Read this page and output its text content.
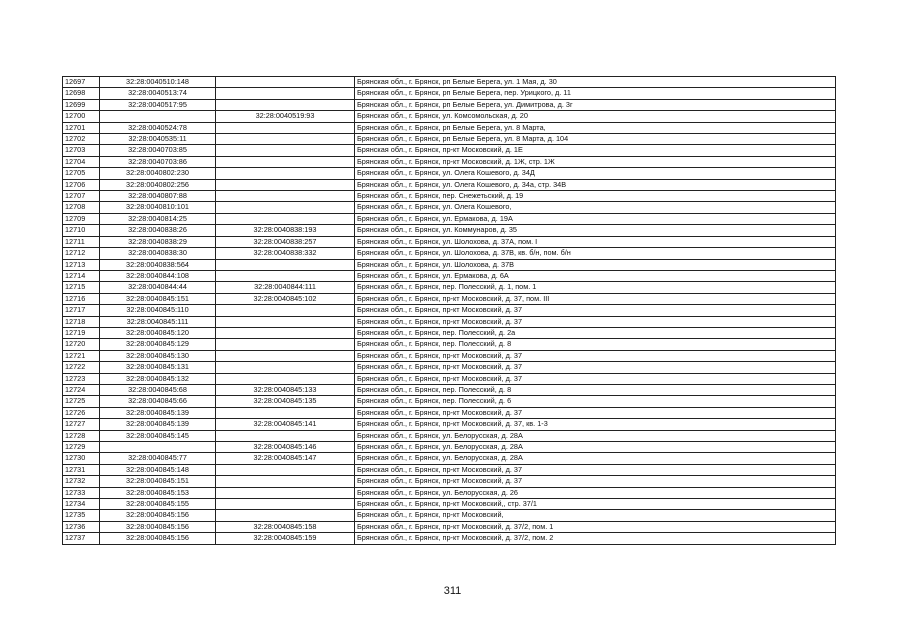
12697	32:28:0040510:148		Брянская обл., г. Брянск, рп Белые Берега, ул. 1 Мая, д. 30
12698	32:28:0040513:74		Брянская обл., г. Брянск, рп Белые Берега, пер. Урицкого, д. 11
12699	32:28:0040517:95		Брянская обл., г. Брянск, рп Белые Берега, ул. Димитрова, д. 3г
12700		32:28:0040519:93	Брянская обл., г. Брянск, ул. Комсомольская, д. 20
12701	32:28:0040524:78		Брянская обл., г. Брянск, рп Белые Берега, ул. 8 Марта,
12702	32:28:0040535:11		Брянская обл., г. Брянск, рп Белые Берега, ул. 8 Марта, д. 104
12703	32:28:0040703:85		Брянская обл., г. Брянск, пр-кт Московский, д. 1Е
12704	32:28:0040703:86		Брянская обл., г. Брянск, пр-кт Московский, д. 1Ж, стр. 1Ж
12705	32:28:0040802:230		Брянская обл., г. Брянск, ул. Олега Кошевого, д. 34Д
12706	32:28:0040802:256		Брянская обл., г. Брянск, ул. Олега Кошевого, д. 34а, стр. 34В
12707	32:28:0040807:88		Брянская обл., г. Брянск, пер. Снежетьский, д. 19
12708	32:28:0040810:101		Брянская обл., г. Брянск, ул. Олега Кошевого,
12709	32:28:0040814:25		Брянская обл., г. Брянск, ул. Ермакова, д. 19А
12710	32:28:0040838:26	32:28:0040838:193	Брянская обл., г. Брянск, ул. Коммунаров, д. 35
12711	32:28:0040838:29	32:28:0040838:257	Брянская обл., г. Брянск, ул. Шолохова, д. 37А, пом. I
12712	32:28:0040838:30	32:28:0040838:332	Брянская обл., г. Брянск, ул. Шолохова, д. 37В, кв. б/н, пом. б/н
12713	32:28:0040838:564		Брянская обл., г. Брянск, ул. Шолохова, д. 37В
12714	32:28:0040844:108		Брянская обл., г. Брянск, ул. Ермакова, д. 6А
12715	32:28:0040844:44	32:28:0040844:111	Брянская обл., г. Брянск, пер. Полесский, д. 1, пом. 1
12716	32:28:0040845:151	32:28:0040845:102	Брянская обл., г. Брянск, пр-кт Московский, д. 37, пом. III
12717	32:28:0040845:110		Брянская обл., г. Брянск, пр-кт Московский, д. 37
12718	32:28:0040845:111		Брянская обл., г. Брянск, пр-кт Московский, д. 37
12719	32:28:0040845:120		Брянская обл., г. Брянск, пер. Полесский, д. 2а
12720	32:28:0040845:129		Брянская обл., г. Брянск, пер. Полесский, д. 8
12721	32:28:0040845:130		Брянская обл., г. Брянск, пр-кт Московский, д. 37
12722	32:28:0040845:131		Брянская обл., г. Брянск, пр-кт Московский, д. 37
12723	32:28:0040845:132		Брянская обл., г. Брянск, пр-кт Московский, д. 37
12724	32:28:0040845:68	32:28:0040845:133	Брянская обл., г. Брянск, пер. Полесский, д. 8
12725	32:28:0040845:66	32:28:0040845:135	Брянская обл., г. Брянск, пер. Полесский, д. 6
12726	32:28:0040845:139		Брянская обл., г. Брянск, пр-кт Московский, д. 37
12727	32:28:0040845:139	32:28:0040845:141	Брянская обл., г. Брянск, пр-кт Московский, д. 37, кв. 1-3
12728	32:28:0040845:145		Брянская обл., г. Брянск, ул. Белорусская, д. 28А
12729		32:28:0040845:146	Брянская обл., г. Брянск, ул. Белорусская, д. 28А
12730	32:28:0040845:77	32:28:0040845:147	Брянская обл., г. Брянск, ул. Белорусская, д. 28А
12731	32:28:0040845:148		Брянская обл., г. Брянск, пр-кт Московский, д. 37
12732	32:28:0040845:151		Брянская обл., г. Брянск, пр-кт Московский, д. 37
12733	32:28:0040845:153		Брянская обл., г. Брянск, ул. Белорусская, д. 26
12734	32:28:0040845:155		Брянская обл., г. Брянск, пр-кт Московский,, стр. 37/1
12735	32:28:0040845:156		Брянская обл., г. Брянск, пр-кт Московский,
12736	32:28:0040845:156	32:28:0040845:158	Брянская обл., г. Брянск, пр-кт Московский, д. 37/2, пом. 1
12737	32:28:0040845:156	32:28:0040845:159	Брянская обл., г. Брянск, пр-кт Московский, д. 37/2, пом. 2
311
